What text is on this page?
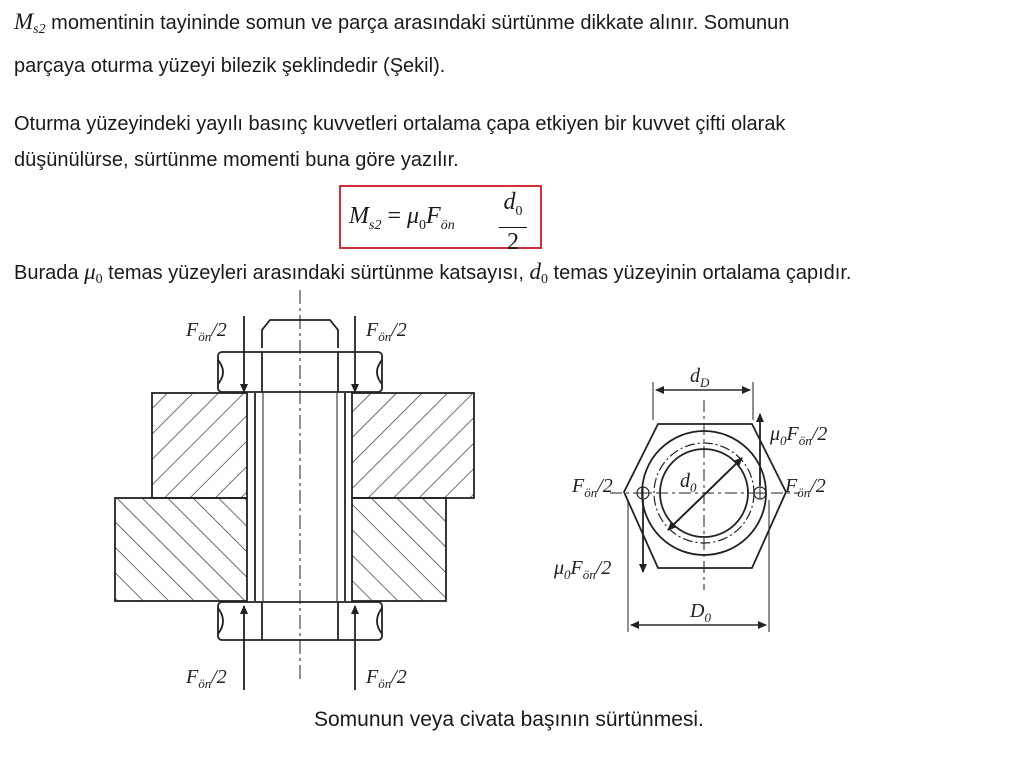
$M_{s2}$ momentinin tayininde somun ve parça arasındaki sürtünme dikkate alınır. Somunun
parçaya oturma yüzeyi bilezik şeklindedir (Şekil).
Oturma yüzeyindeki yayılı basınç kuvvetleri ortalama çapa etkiyen bir kuvvet çifti olarak
düşünülürse, sürtünme momenti buna göre yazılır.
$M_{s2} = \mu_0F_{ön}$
$d_0$
2
Burada $\mu_0$ temas yüzeyleri arasındaki sürtünme katsayısı, $d_0$ temas yüzeyinin ortalama çapıdır.
$F_{ön}/2$	$F_{ön}/2$
$F_{ön}/2$	$F_{ön}/2$
$d_D$
$d_0$
$D_0$
$F_{ön}/2$	$F_{ön}/2$
$\mu_0F_{ön}/2$
$\mu_0F_{ön}/2$
Somunun veya civata başının sürtünmesi.
